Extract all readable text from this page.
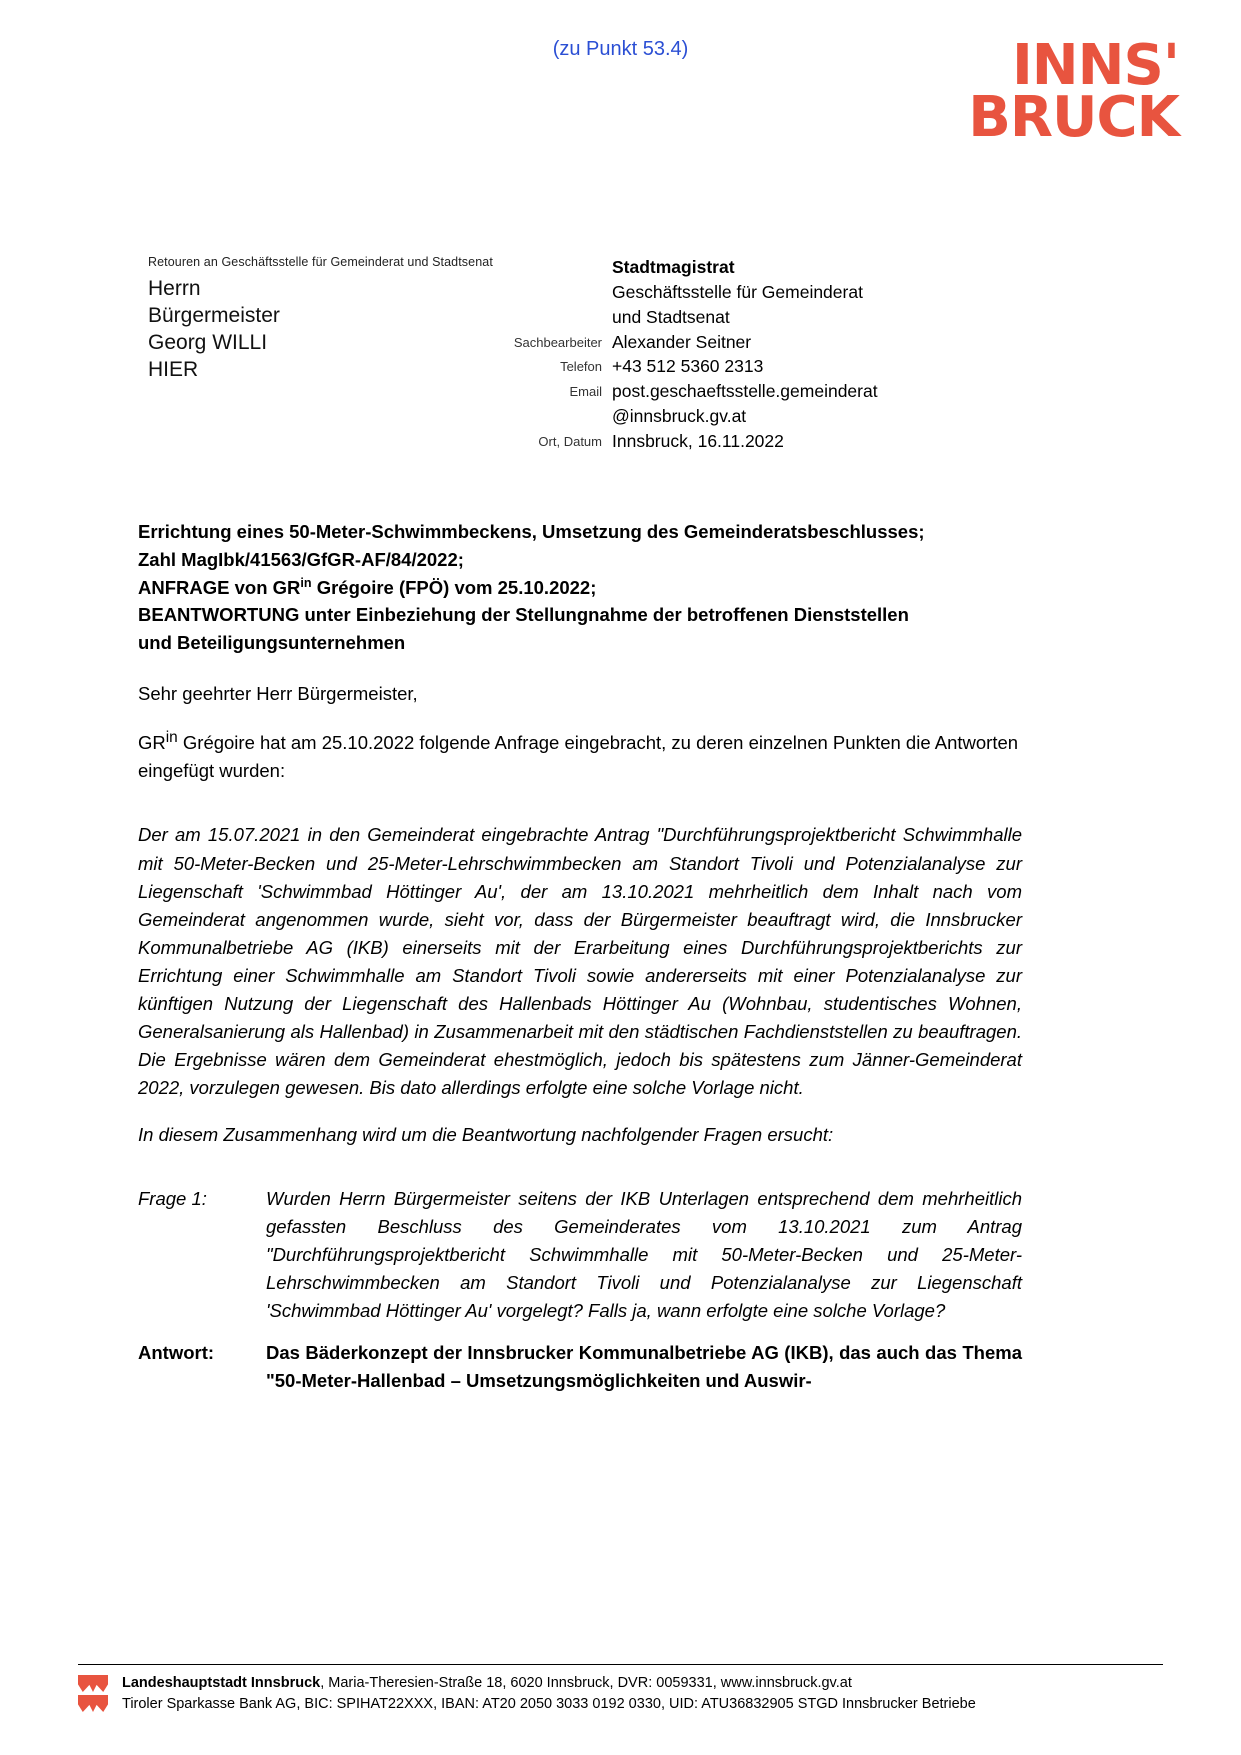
(zu Punkt 53.4)	INNS'
BRUCK
Retouren an Geschäftsstelle für Gemeinderat und Stadtsenat
Herrn
Bürgermeister
Georg WILLI
HIER
Stadtmagistrat
Geschäftsstelle für Gemeinderat
und Stadtsenat
Sachbearbeiter Alexander Seitner
Telefon +43 512 5360 2313
Email post.geschaeftsstelle.gemeinderat
@innsbruck.gv.at
Ort, Datum Innsbruck, 16.11.2022
Errichtung eines 50-Meter-Schwimmbeckens, Umsetzung des Gemeinderatsbeschlusses;
Zahl MagIbk/41563/GfGR-AF/84/2022;
ANFRAGE von $GR^{in}$ Grégoire (FPÖ) vom 25.10.2022;
BEANTWORTUNG unter Einbeziehung der Stellungnahme der betroffenen Dienststellen
und Beteiligungsunternehmen

Sehr geehrter Herr Bürgermeister,

$GR^{in}$ Grégoire hat am 25.10.2022 folgende Anfrage eingebracht, zu deren einzelnen Punkten die Antworten eingefügt wurden:

Der am 15.07.2021 in den Gemeinderat eingebrachte Antrag "Durchführungsprojektbericht Schwimmhalle mit 50-Meter-Becken und 25-Meter-Lehrschwimmbecken am Standort Tivoli und Potenzialanalyse zur Liegenschaft 'Schwimmbad Höttinger Au', der am 13.10.2021 mehrheitlich dem Inhalt nach vom Gemeinderat angenommen wurde, sieht vor, dass der Bürgermeister beauftragt wird, die Innsbrucker Kommunalbetriebe AG (IKB) einerseits mit der Erarbeitung eines Durchführungsprojektberichts zur Errichtung einer Schwimmhalle am Standort Tivoli sowie andererseits mit einer Potenzialanalyse zur künftigen Nutzung der Liegenschaft des Hallenbads Höttinger Au (Wohnbau, studentisches Wohnen, Generalsanierung als Hallenbad) in Zusammenarbeit mit den städtischen Fachdienststellen zu beauftragen. Die Ergebnisse wären dem Gemeinderat ehestmöglich, jedoch bis spätestens zum Jänner-Gemeinderat 2022, vorzulegen gewesen. Bis dato allerdings erfolgte eine solche Vorlage nicht.

In diesem Zusammenhang wird um die Beantwortung nachfolgender Fragen ersucht:

Frage 1:	Wurden Herrn Bürgermeister seitens der IKB Unterlagen entsprechend dem mehrheitlich gefassten Beschluss des Gemeinderates vom 13.10.2021 zum Antrag "Durchführungsprojektbericht Schwimmhalle mit 50-Meter-Becken und 25-Meter-Lehrschwimmbecken am Standort Tivoli und Potenzialanalyse zur Liegenschaft 'Schwimmbad Höttinger Au' vorgelegt? Falls ja, wann erfolgte eine solche Vorlage?
Antwort:	Das Bäderkonzept der Innsbrucker Kommunalbetriebe AG (IKB), das auch das Thema "50-Meter-Hallenbad – Umsetzungsmöglichkeiten und Auswir-
Landeshauptstadt Innsbruck, Maria-Theresien-Straße 18, 6020 Innsbruck, DVR: 0059331, www.innsbruck.gv.at
Tiroler Sparkasse Bank AG, BIC: SPIHAT22XXX, IBAN: AT20 2050 3033 0192 0330, UID: ATU36832905 STGD Innsbrucker Betriebe
